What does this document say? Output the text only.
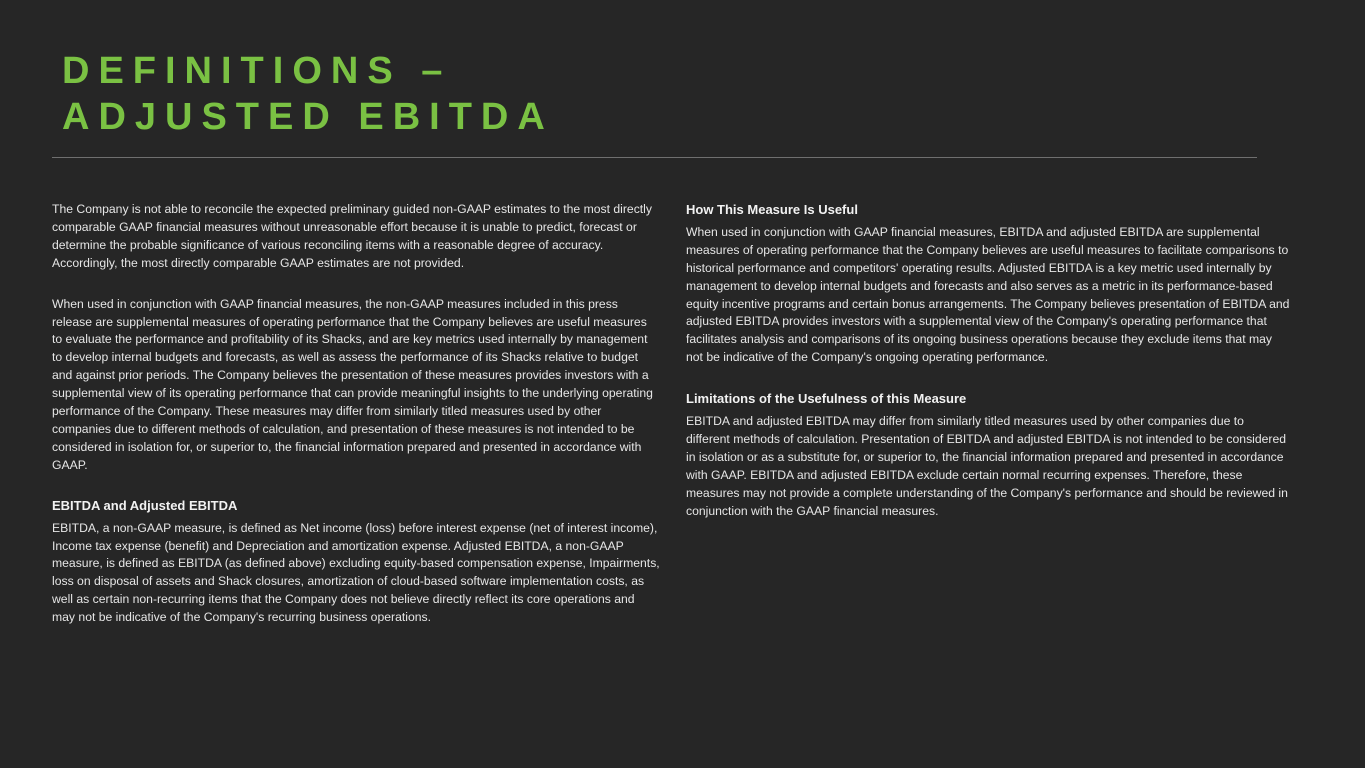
DEFINITIONS –
ADJUSTED EBITDA

The Company is not able to reconcile the expected preliminary guided non-GAAP estimates to the most directly comparable GAAP financial measures without unreasonable effort because it is unable to predict, forecast or determine the probable significance of various reconciling items with a reasonable degree of accuracy. Accordingly, the most directly comparable GAAP estimates are not provided.

When used in conjunction with GAAP financial measures, the non-GAAP measures included in this press release are supplemental measures of operating performance that the Company believes are useful measures to evaluate the performance and profitability of its Shacks, and are key metrics used internally by management to develop internal budgets and forecasts, as well as assess the performance of its Shacks relative to budget and against prior periods. The Company believes the presentation of these measures provides investors with a supplemental view of its operating performance that can provide meaningful insights to the underlying operating performance of the Company. These measures may differ from similarly titled measures used by other companies due to different methods of calculation, and presentation of these measures is not intended to be considered in isolation for, or superior to, the financial information prepared and presented in accordance with GAAP.

EBITDA and Adjusted EBITDA

EBITDA, a non-GAAP measure, is defined as Net income (loss) before interest expense (net of interest income), Income tax expense (benefit) and Depreciation and amortization expense. Adjusted EBITDA, a non-GAAP measure, is defined as EBITDA (as defined above) excluding equity-based compensation expense, Impairments, loss on disposal of assets and Shack closures, amortization of cloud-based software implementation costs, as well as certain non-recurring items that the Company does not believe directly reflect its core operations and may not be indicative of the Company's recurring business operations.

How This Measure Is Useful

When used in conjunction with GAAP financial measures, EBITDA and adjusted EBITDA are supplemental measures of operating performance that the Company believes are useful measures to facilitate comparisons to historical performance and competitors' operating results. Adjusted EBITDA is a key metric used internally by management to develop internal budgets and forecasts and also serves as a metric in its performance-based equity incentive programs and certain bonus arrangements. The Company believes presentation of EBITDA and adjusted EBITDA provides investors with a supplemental view of the Company's operating performance that facilitates analysis and comparisons of its ongoing business operations because they exclude items that may not be indicative of the Company's ongoing operating performance.

Limitations of the Usefulness of this Measure

EBITDA and adjusted EBITDA may differ from similarly titled measures used by other companies due to different methods of calculation. Presentation of EBITDA and adjusted EBITDA is not intended to be considered in isolation or as a substitute for, or superior to, the financial information prepared and presented in accordance with GAAP. EBITDA and adjusted EBITDA exclude certain normal recurring expenses. Therefore, these measures may not provide a complete understanding of the Company's performance and should be reviewed in conjunction with the GAAP financial measures.
